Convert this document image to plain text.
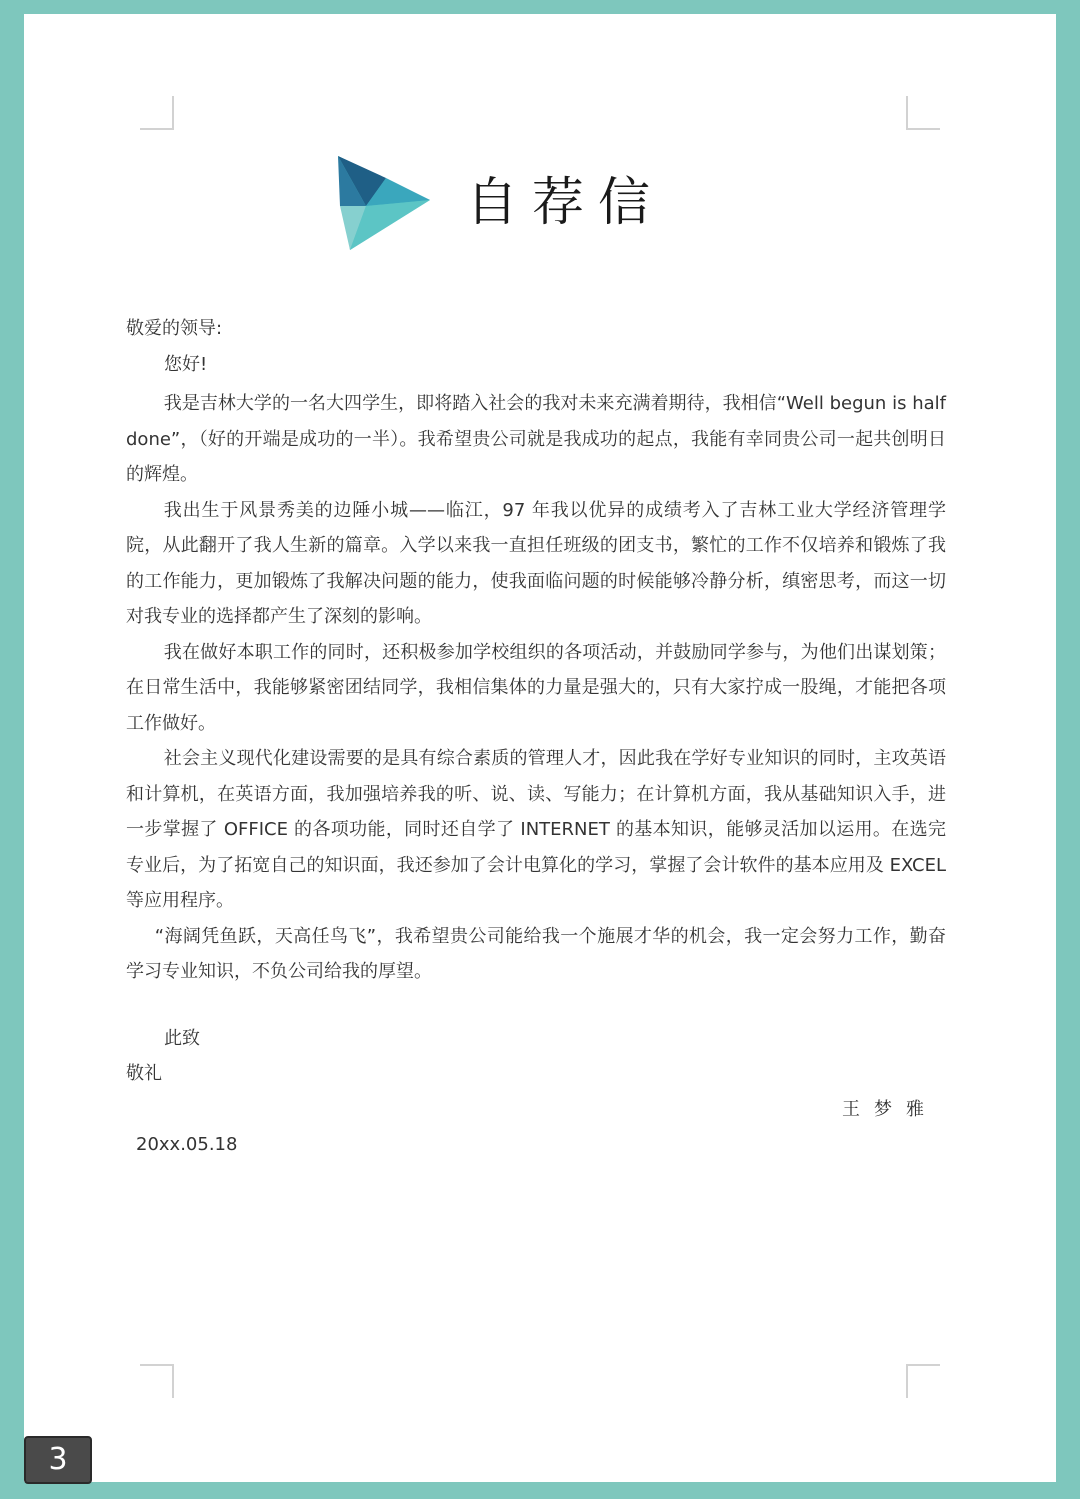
自荐信
敬爱的领导:
您好!

我是吉林大学的一名大四学生，即将踏入社会的我对未来充满着期待，我相信“Well begun is half done”，（好的开端是成功的一半）。我希望贵公司就是我成功的起点，我能有幸同贵公司一起共创明日的辉煌。

我出生于风景秀美的边陲小城——临江，97 年我以优异的成绩考入了吉林工业大学经济管理学院，从此翻开了我人生新的篇章。入学以来我一直担任班级的团支书，繁忙的工作不仅培养和锻炼了我的工作能力，更加锻炼了我解决问题的能力，使我面临问题的时候能够冷静分析，缜密思考，而这一切对我专业的选择都产生了深刻的影响。

我在做好本职工作的同时，还积极参加学校组织的各项活动，并鼓励同学参与，为他们出谋划策；在日常生活中，我能够紧密团结同学，我相信集体的力量是强大的，只有大家拧成一股绳，才能把各项工作做好。

社会主义现代化建设需要的是具有综合素质的管理人才，因此我在学好专业知识的同时，主攻英语和计算机，在英语方面，我加强培养我的听、说、读、写能力；在计算机方面，我从基础知识入手，进一步掌握了 OFFICE 的各项功能，同时还自学了 INTERNET 的基本知识，能够灵活加以运用。在选完专业后，为了拓宽自己的知识面，我还参加了会计电算化的学习，掌握了会计软件的基本应用及 EXCEL 等应用程序。

“海阔凭鱼跃，天高任鸟飞”，我希望贵公司能给我一个施展才华的机会，我一定会努力工作，勤奋学习专业知识，不负公司给我的厚望。

此致
敬礼
王梦雅
20xx.05.18
3
